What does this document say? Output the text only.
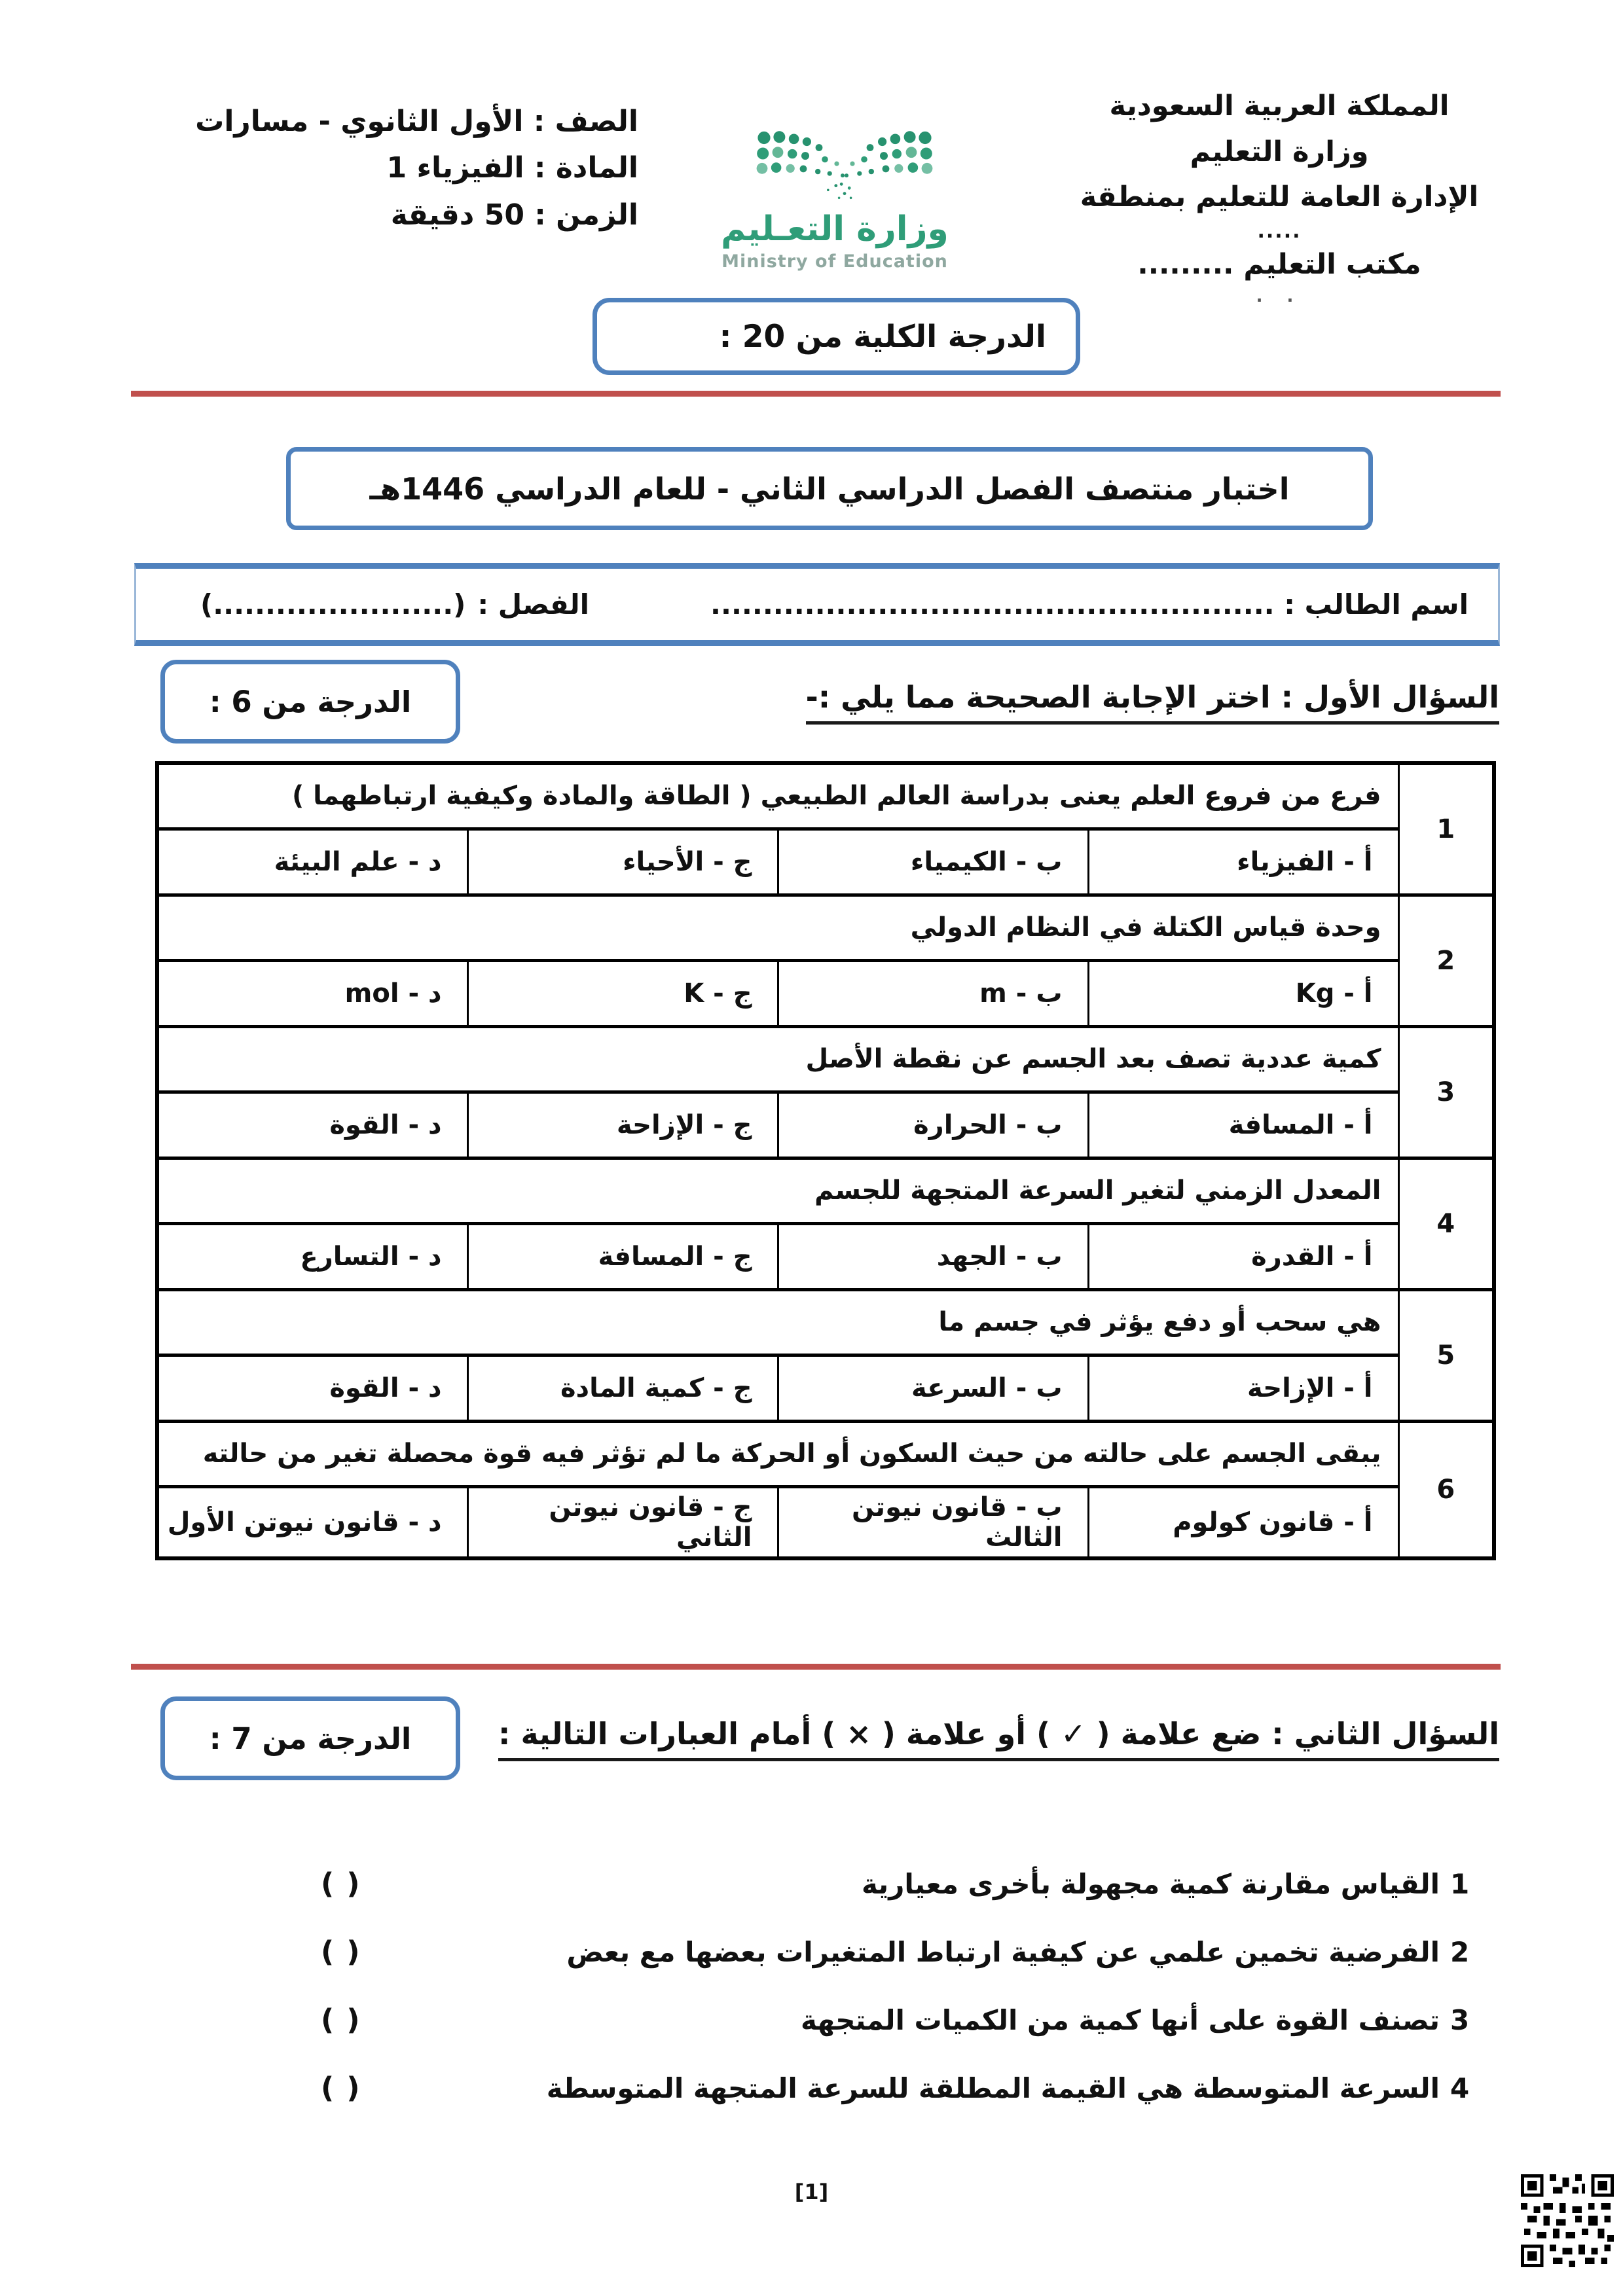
المملكة العربية السعودية
وزارة التعليم
الإدارة العامة للتعليم بمنطقة
.....
مكتب التعليم .........
. .
الصف : الأول الثانوي - مسارات
المادة : الفيزياء 1
الزمن : 50 دقيقة	وزارة التعـليم
Ministry of Education
الدرجة الكلية من 20 :
اختبار منتصف الفصل الدراسي الثاني - للعام الدراسي 1446هـ
اسم الطالب : ......................................................
الفصل :
(.......................)
السؤال الأول : اختر الإجابة الصحيحة مما يلي :-
الدرجة من 6 :
1	فرع من فروع العلم يعنى بدراسة العالم الطبيعي ( الطاقة والمادة وكيفية ارتباطهما )			
	أ - الفيزياء	ب - الكيمياء	ج - الأحياء	د - علم البيئة
2	وحدة قياس الكتلة في النظام الدولي			
	أ - Kg	ب - m	ج - K	د - mol
3	كمية عددية تصف بعد الجسم عن نقطة الأصل			
	أ - المسافة	ب - الحرارة	ج - الإزاحة	د - القوة
4	المعدل الزمني لتغير السرعة المتجهة للجسم			
	أ - القدرة	ب - الجهد	ج - المسافة	د - التسارع
5	هي سحب أو دفع يؤثر في جسم ما			
	أ - الإزاحة	ب - السرعة	ج - كمية المادة	د - القوة
6	يبقى الجسم على حالته من حيث السكون أو الحركة ما لم تؤثر فيه قوة محصلة تغير من حالته			
	أ - قانون كولوم	ب - قانون نيوتن الثالث	ج - قانون نيوتن الثاني	د - قانون نيوتن الأول
السؤال الثاني : ضع علامة ( ✓ ) أو علامة ( × ) أمام العبارات التالية :
الدرجة من 7 :
1
القياس مقارنة كمية مجهولة بأخرى معيارية
( )
2
الفرضية تخمين علمي عن كيفية ارتباط المتغيرات بعضها مع بعض
( )
3
تصنف القوة على أنها كمية من الكميات المتجهة
( )
4
السرعة المتوسطة هي القيمة المطلقة للسرعة المتجهة المتوسطة
( )
[1]
